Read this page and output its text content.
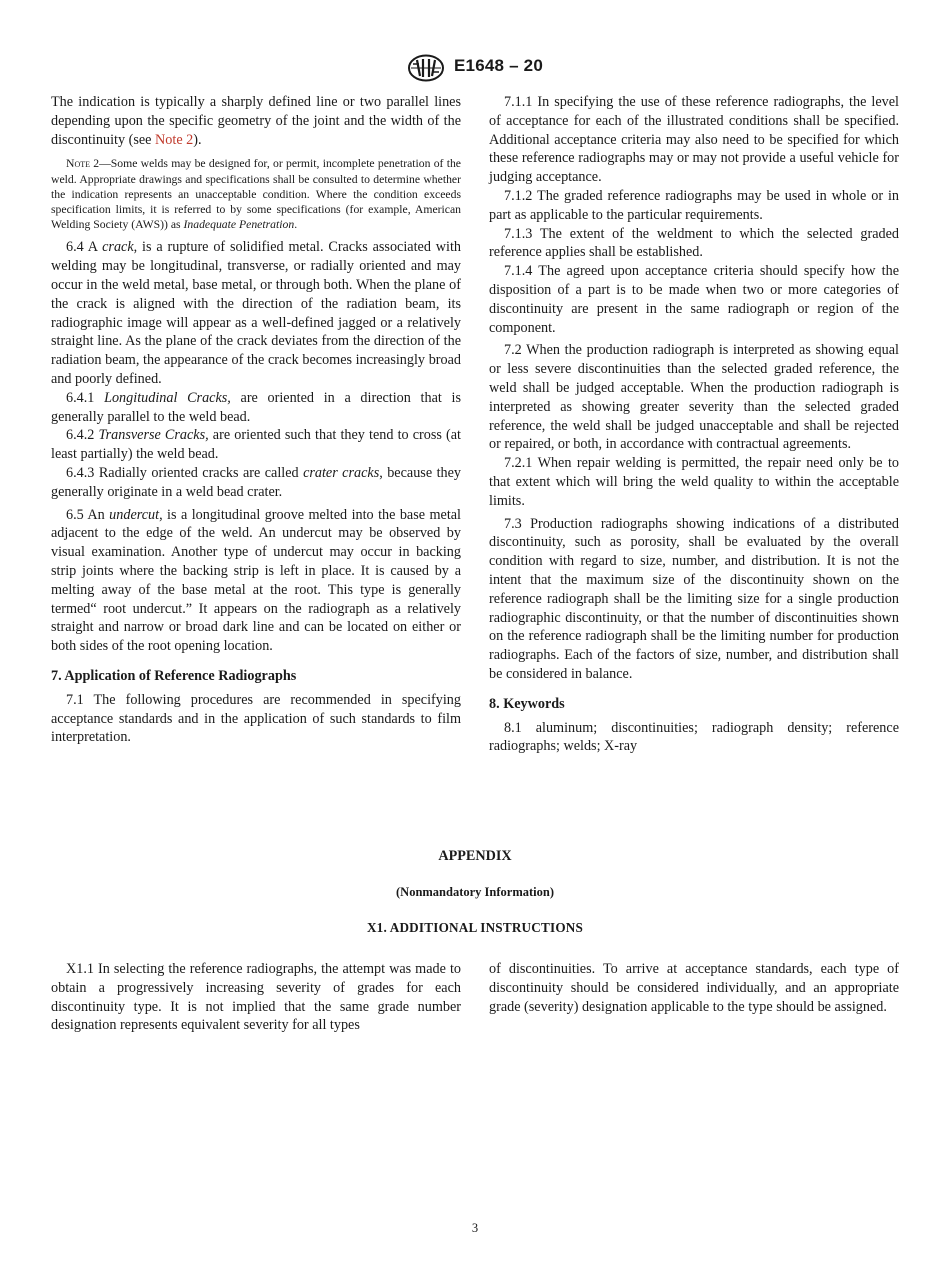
E1648 – 20

The indication is typically a sharply defined line or two parallel lines depending upon the specific geometry of the joint and the width of the discontinuity (see Note 2).

Note 2—Some welds may be designed for, or permit, incomplete penetration of the weld. Appropriate drawings and specifications shall be consulted to determine whether the indication represents an unacceptable condition. Where the condition exceeds specification limits, it is referred to by some specifications (for example, American Welding Society (AWS)) as Inadequate Penetration.

6.4 A crack, is a rupture of solidified metal. Cracks associated with welding may be longitudinal, transverse, or radially oriented and may occur in the weld metal, base metal, or through both. When the plane of the crack is aligned with the direction of the radiation beam, its radiographic image will appear as a well-defined jagged or a relatively straight line. As the plane of the crack deviates from the direction of the radiation beam, the appearance of the crack becomes increasingly broad and poorly defined.

6.4.1 Longitudinal Cracks, are oriented in a direction that is generally parallel to the weld bead.

6.4.2 Transverse Cracks, are oriented such that they tend to cross (at least partially) the weld bead.

6.4.3 Radially oriented cracks are called crater cracks, because they generally originate in a weld bead crater.

6.5 An undercut, is a longitudinal groove melted into the base metal adjacent to the edge of the weld. An undercut may be observed by visual examination. Another type of undercut may occur in backing strip joints where the backing strip is left in place. It is caused by a melting away of the base metal at the root. This type is generally termed“ root undercut.” It appears on the radiograph as a relatively straight and narrow or broad dark line and can be located on either or both sides of the root opening location.

7. Application of Reference Radiographs

7.1 The following procedures are recommended in specifying acceptance standards and in the application of such standards to film interpretation.

7.1.1 In specifying the use of these reference radiographs, the level of acceptance for each of the illustrated conditions shall be specified. Additional acceptance criteria may also need to be specified for which these reference radiographs may or may not provide a useful vehicle for judging acceptance.

7.1.2 The graded reference radiographs may be used in whole or in part as applicable to the particular requirements.

7.1.3 The extent of the weldment to which the selected graded reference applies shall be established.

7.1.4 The agreed upon acceptance criteria should specify how the disposition of a part is to be made when two or more categories of discontinuity are present in the same radiograph or region of the component.

7.2 When the production radiograph is interpreted as showing equal or less severe discontinuities than the selected graded reference, the weld shall be judged acceptable. When the production radiograph is interpreted as showing greater severity than the selected graded reference, the weld shall be judged unacceptable and shall be rejected or repaired, or both, in accordance with contractual agreements.

7.2.1 When repair welding is permitted, the repair need only be to that extent which will bring the weld quality to within the acceptable limits.

7.3 Production radiographs showing indications of a distributed discontinuity, such as porosity, shall be evaluated by the overall condition with regard to size, number, and distribution. It is not the intent that the maximum size of the discontinuity shown on the reference radiograph shall be the limiting size for a single production radiographic discontinuity, or that the number of discontinuities shown on the reference radiograph shall be the limiting number for production radiographs. Each of the factors of size, number, and distribution shall be considered in balance.

8. Keywords

8.1 aluminum; discontinuities; radiograph density; reference radiographs; welds; X-ray

APPENDIX
(Nonmandatory Information)
X1. ADDITIONAL INSTRUCTIONS

X1.1 In selecting the reference radiographs, the attempt was made to obtain a progressively increasing severity of grades for each discontinuity type. It is not implied that the same grade number designation represents equivalent severity for all types

of discontinuities. To arrive at acceptance standards, each type of discontinuity should be considered individually, and an appropriate grade (severity) designation applicable to the type should be assigned.

3
